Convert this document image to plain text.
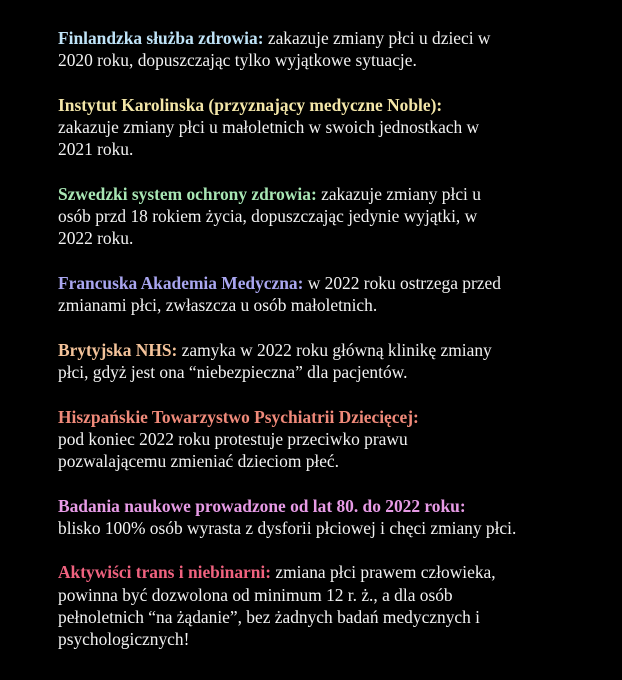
Finlandzka służba zdrowia: zakazuje zmiany płci u dzieci w
2020 roku, dopuszczając tylko wyjątkowe sytuacje.

Instytut Karolinska (przyznający medyczne Noble):
zakazuje zmiany płci u małoletnich w swoich jednostkach w
2021 roku.

Szwedzki system ochrony zdrowia: zakazuje zmiany płci u
osób przd 18 rokiem życia, dopuszczając jedynie wyjątki, w
2022 roku.

Francuska Akademia Medyczna: w 2022 roku ostrzega przed
zmianami płci, zwłaszcza u osób małoletnich.

Brytyjska NHS: zamyka w 2022 roku główną klinikę zmiany
płci, gdyż jest ona “niebezpieczna” dla pacjentów.

Hiszpańskie Towarzystwo Psychiatrii Dziecięcej:
pod koniec 2022 roku protestuje przeciwko prawu
pozwalającemu zmieniać dzieciom płeć.

Badania naukowe prowadzone od lat 80. do 2022 roku:
blisko 100% osób wyrasta z dysforii płciowej i chęci zmiany płci.

Aktywiści trans i niebinarni: zmiana płci prawem człowieka,
powinna być dozwolona od minimum 12 r. ż., a dla osób
pełnoletnich “na żądanie”, bez żadnych badań medycznych i
psychologicznych!
